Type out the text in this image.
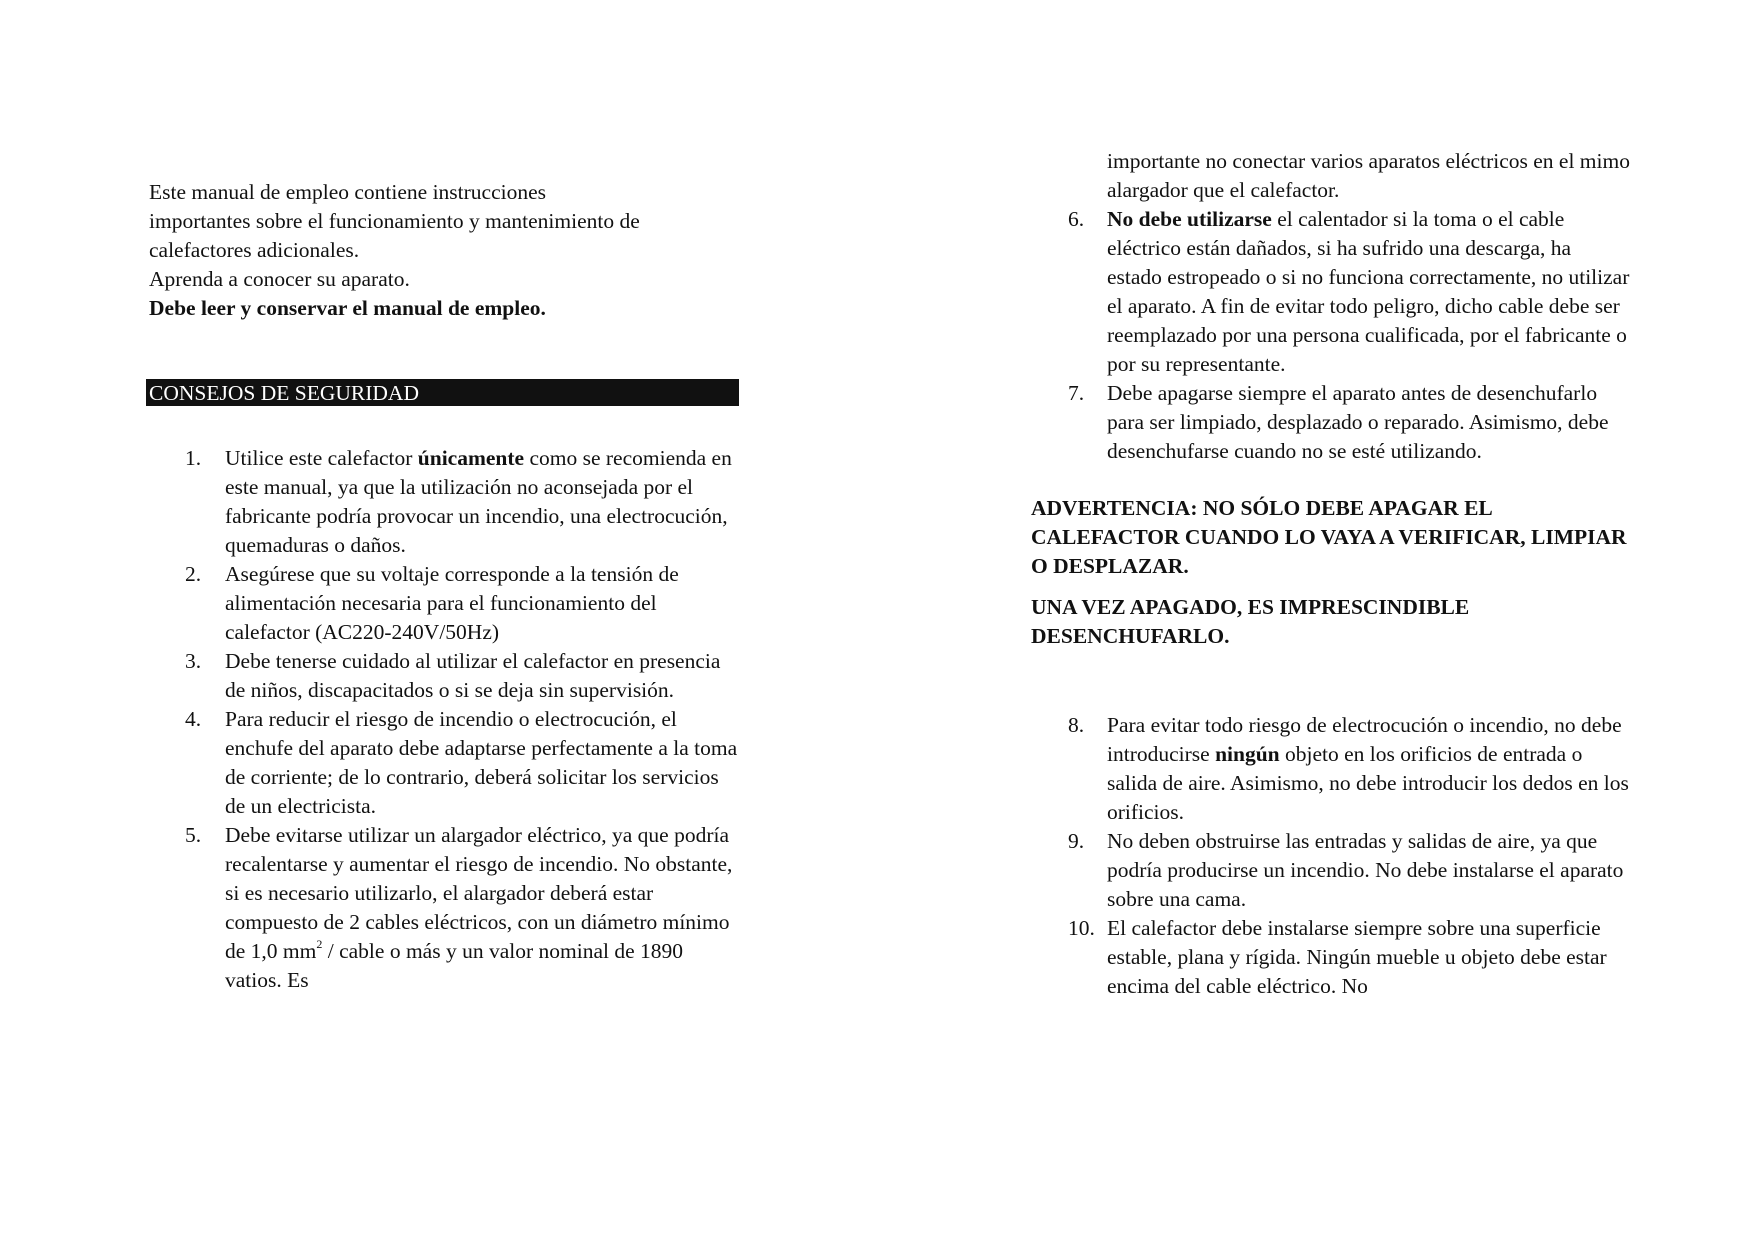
Este manual de empleo contiene instrucciones

importantes sobre el funcionamiento y mantenimiento de

calefactores adicionales.

Aprenda a conocer su aparato.

Debe leer y conservar el manual de empleo.

CONSEJOS DE SEGURIDAD
1.	Utilice este calefactor únicamente como se recomienda en este manual, ya que la utilización no aconsejada por el fabricante podría provocar un incendio, una electrocución, quemaduras o daños.
2.	Asegúrese que su voltaje corresponde a la tensión de alimentación necesaria para el funcionamiento del calefactor (AC220-240V/50Hz)
3.	Debe tenerse cuidado al utilizar el calefactor en presencia de niños, discapacitados o si se deja sin supervisión.
4.	Para reducir el riesgo de incendio o electrocución, el enchufe del aparato debe adaptarse perfectamente a la toma de corriente; de lo contrario, deberá solicitar los servicios de un electricista.
5.	Debe evitarse utilizar un alargador eléctrico, ya que podría recalentarse y aumentar el riesgo de incendio. No obstante, si es necesario utilizarlo, el alargador deberá estar compuesto de 2 cables eléctricos, con un diámetro mínimo de 1,0 $mm^2$ / cable o más y un valor nominal de 1890 vatios. Es
importante no conectar varios aparatos eléctricos en el mimo alargador que el calefactor.
6.	No debe utilizarse el calentador si la toma o el cable eléctrico están dañados, si ha sufrido una descarga, ha estado estropeado o si no funciona correctamente, no utilizar el aparato. A fin de evitar todo peligro, dicho cable debe ser reemplazado por una persona cualificada, por el fabricante o por su representante.
7.	Debe apagarse siempre el aparato antes de desenchufarlo para ser limpiado, desplazado o reparado. Asimismo, debe desenchufarse cuando no se esté utilizando.

ADVERTENCIA: NO SÓLO DEBE APAGAR EL CALEFACTOR CUANDO LO VAYA A VERIFICAR, LIMPIAR O DESPLAZAR.

UNA VEZ APAGADO, ES IMPRESCINDIBLE DESENCHUFARLO.

8.	Para evitar todo riesgo de electrocución o incendio, no debe introducirse ningún objeto en los orificios de entrada o salida de aire. Asimismo, no debe introducir los dedos en los orificios.
9.	No deben obstruirse las entradas y salidas de aire, ya que podría producirse un incendio. No debe instalarse el aparato sobre una cama.
10. El calefactor debe instalarse siempre sobre una superficie estable, plana y rígida. Ningún mueble u objeto debe estar encima del cable eléctrico. No
